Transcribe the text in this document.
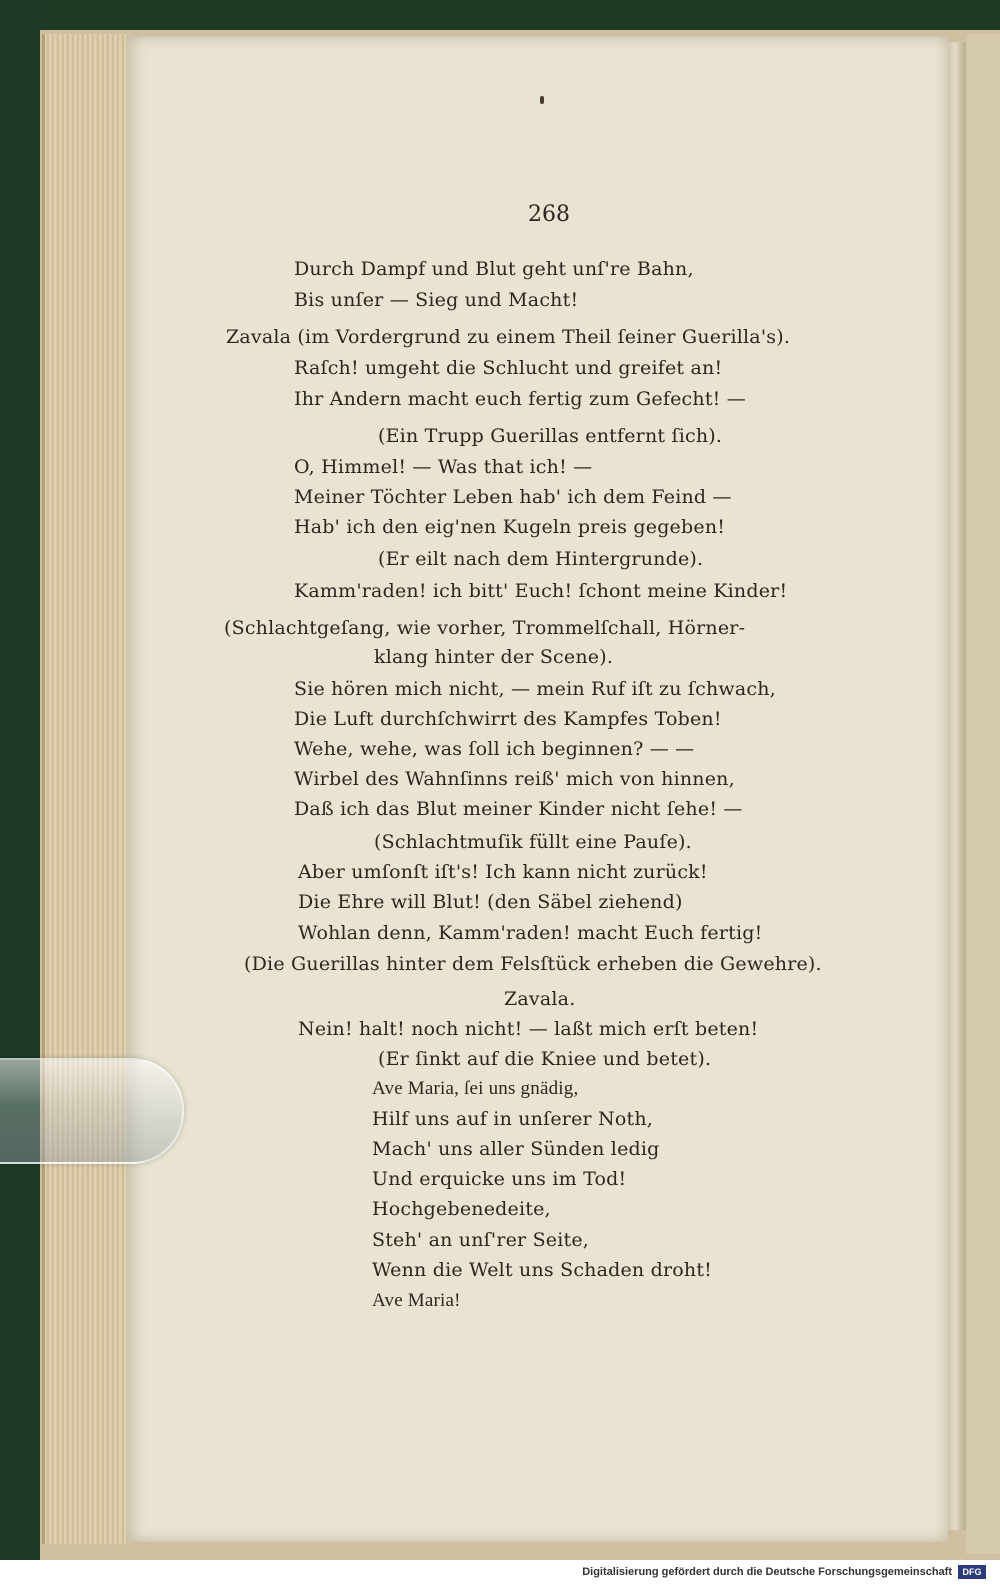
268
Durch Dampf und Blut geht unſ're Bahn,
Bis unſer — Sieg und Macht!
Zavala (im Vordergrund zu einem Theil ſeiner Guerilla's).
Raſch! umgeht die Schlucht und greifet an!
Ihr Andern macht euch fertig zum Gefecht! —
(Ein Trupp Guerillas entfernt ſich).
O, Himmel! — Was that ich! —
Meiner Töchter Leben hab' ich dem Feind —
Hab' ich den eig'nen Kugeln preis gegeben!
(Er eilt nach dem Hintergrunde).
Kamm'raden! ich bitt' Euch! ſchont meine Kinder!
(Schlachtgeſang, wie vorher, Trommelſchall, Hörner-
klang hinter der Scene).
Sie hören mich nicht, — mein Ruf iſt zu ſchwach,
Die Luft durchſchwirrt des Kampfes Toben!
Wehe, wehe, was ſoll ich beginnen? — —
Wirbel des Wahnſinns reiß' mich von hinnen,
Daß ich das Blut meiner Kinder nicht ſehe! —
(Schlachtmuſik füllt eine Pauſe).
Aber umſonſt iſt's! Ich kann nicht zurück!
Die Ehre will Blut! (den Säbel ziehend)
Wohlan denn, Kamm'raden! macht Euch fertig!
(Die Guerillas hinter dem Felsſtück erheben die Gewehre).
Zavala.
Nein! halt! noch nicht! — laßt mich erſt beten!
(Er ſinkt auf die Kniee und betet).
Ave Maria, ſei uns gnädig,
Hilf uns auf in unſerer Noth,
Mach' uns aller Sünden ledig
Und erquicke uns im Tod!
Hochgebenedeite,
Steh' an unſ'rer Seite,
Wenn die Welt uns Schaden droht!
Ave Maria!
Digitalisierung gefördert durch die Deutsche Forschungsgemeinschaft	DFG
